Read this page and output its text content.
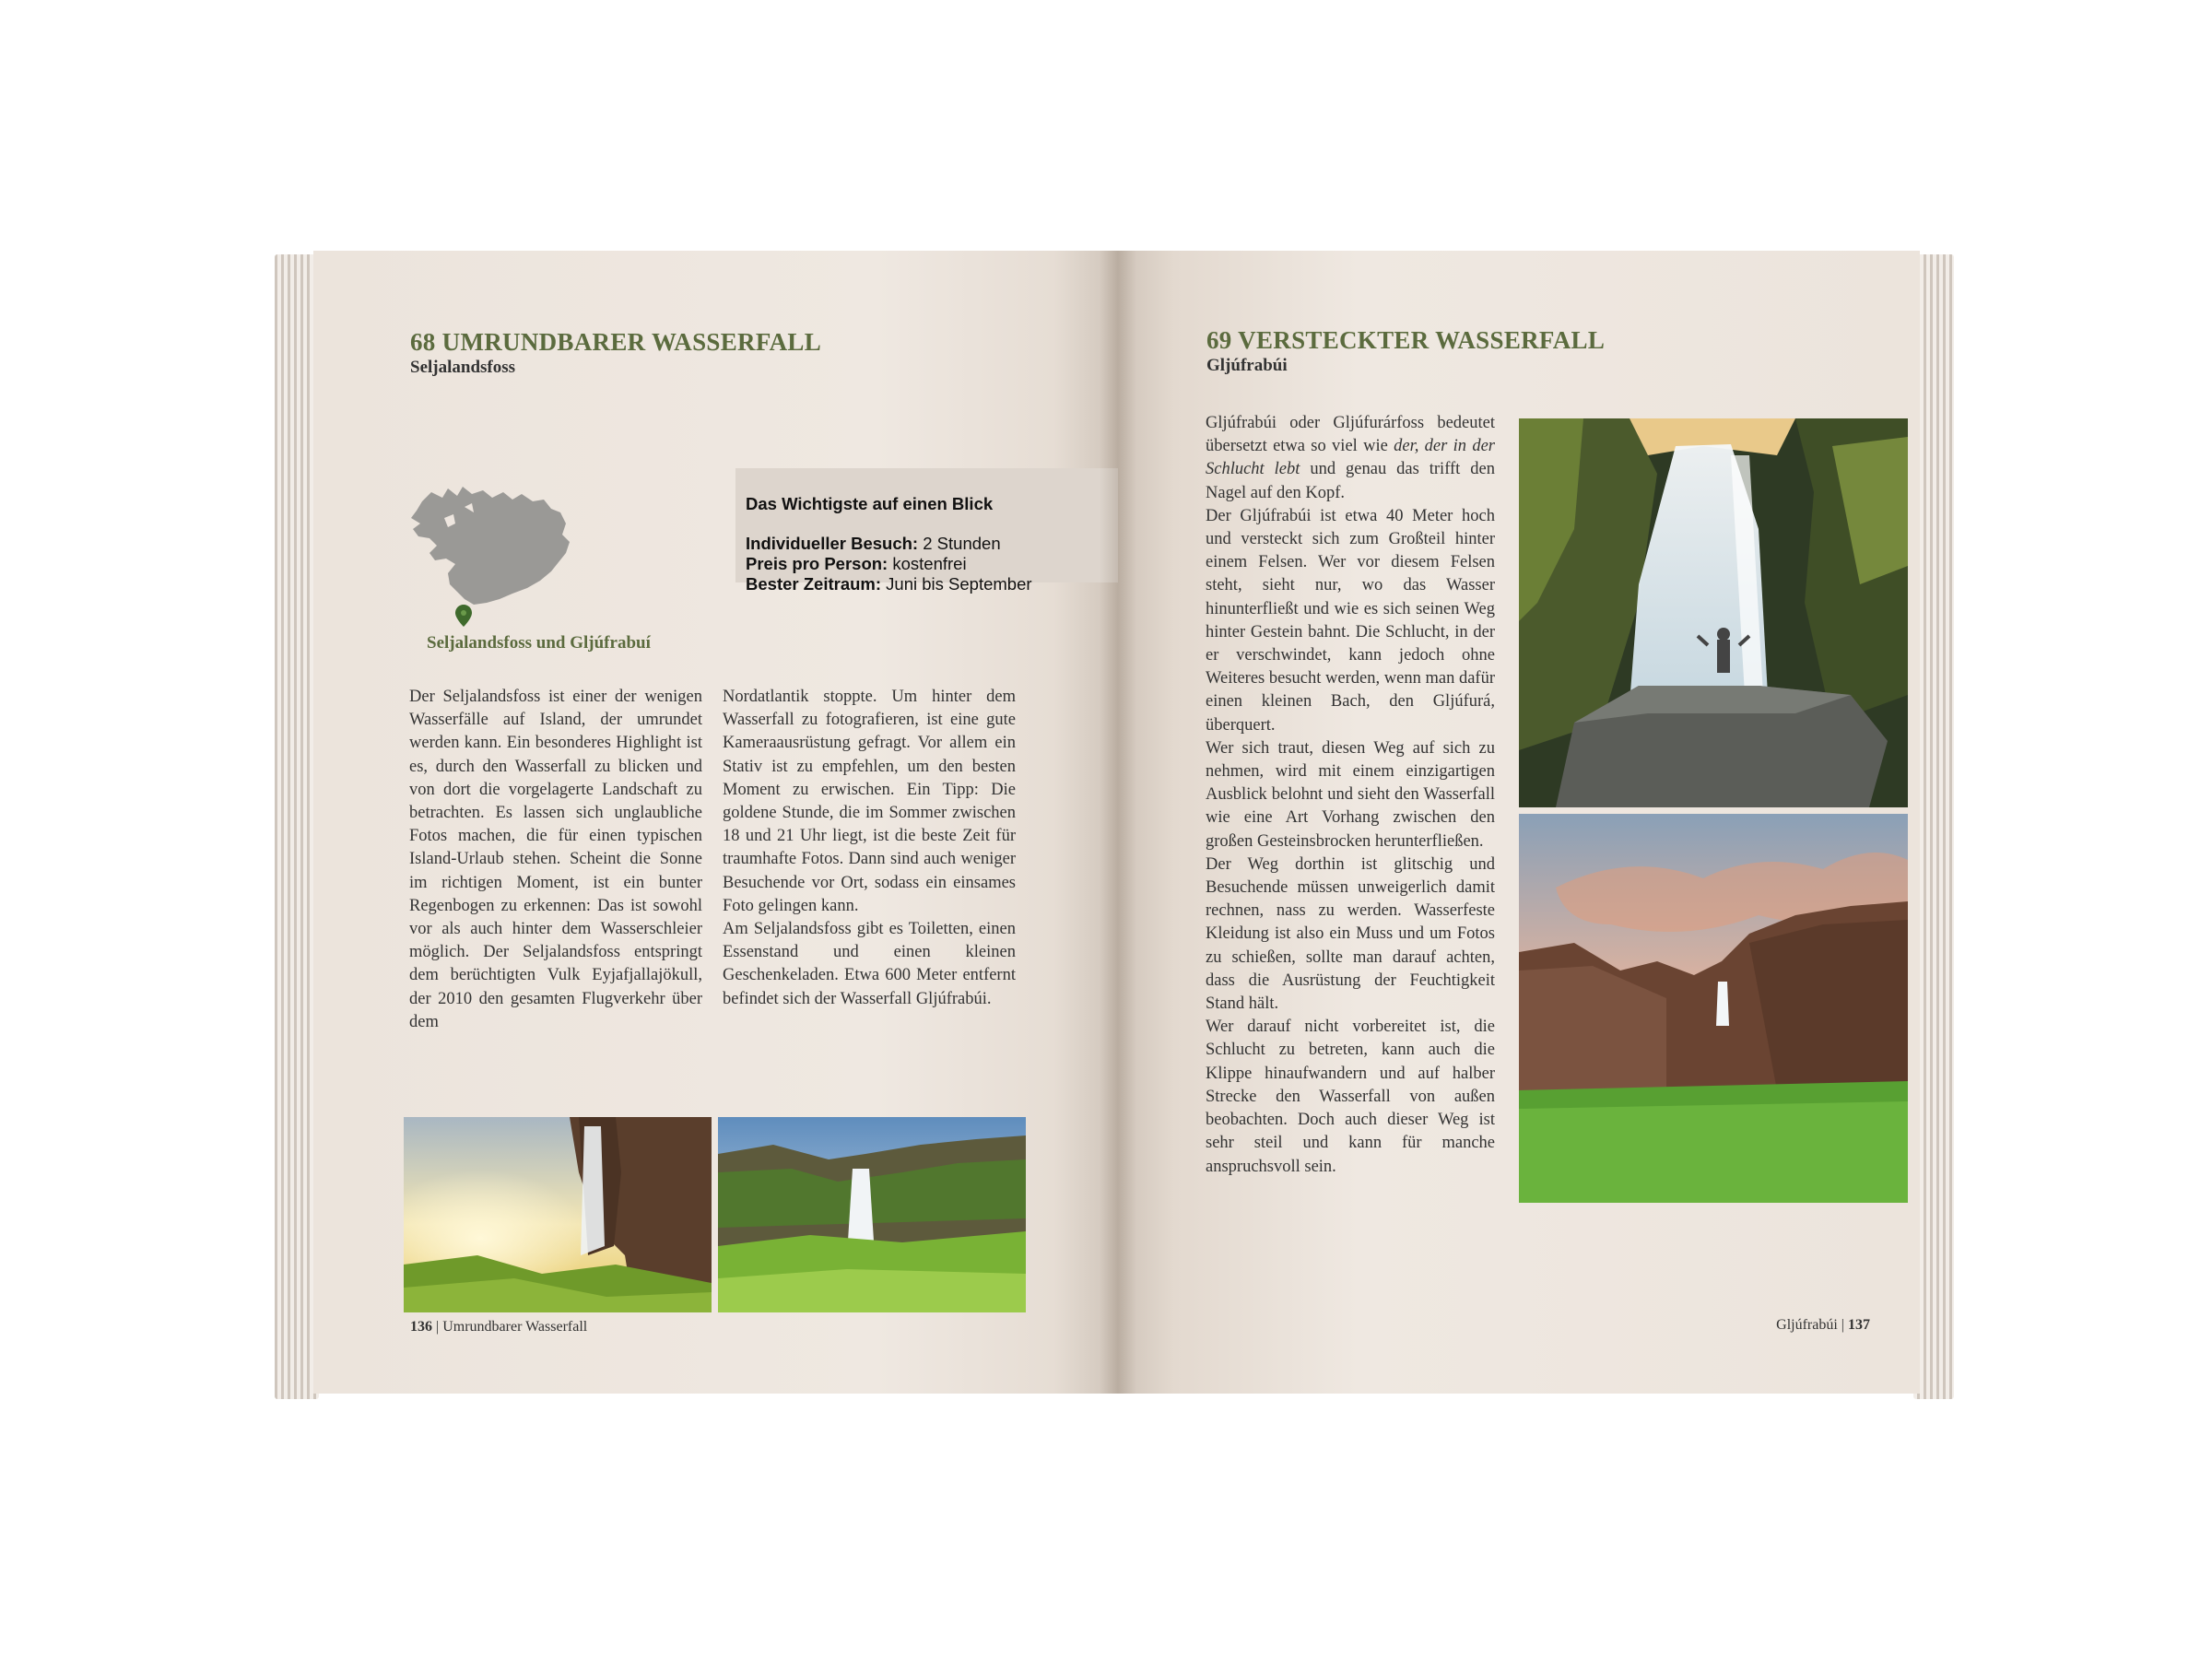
68 UMRUNDBARER WASSERFALL
Seljalandsfoss
Seljalandsfoss und Gljúfrabuí
Das Wichtigste auf einen Blick
Individueller Besuch: 2 Stunden
Preis pro Person: kostenfrei
Bester Zeitraum: Juni bis September

Der Seljalandsfoss ist einer der wenigen Wasserfälle auf Island, der umrundet werden kann. Ein besonderes Highlight ist es, durch den Wasserfall zu blicken und von dort die vorgelagerte Landschaft zu betrachten. Es lassen sich unglaubliche Fotos machen, die für einen typischen Island-Urlaub stehen. Scheint die Sonne im richtigen Moment, ist ein bunter Regenbogen zu erkennen: Das ist sowohl vor als auch hinter dem Wasserschleier möglich. Der Seljalandsfoss entspringt dem berüchtigten Vulk Eyjafjallajökull, der 2010 den gesamten Flugverkehr über dem

Nordatlantik stoppte. Um hinter dem Wasserfall zu fotografieren, ist eine gute Kameraausrüstung gefragt. Vor allem ein Stativ ist zu empfehlen, um den besten Moment zu erwischen. Ein Tipp: Die goldene Stunde, die im Sommer zwischen 18 und 21 Uhr liegt, ist die beste Zeit für traumhafte Fotos. Dann sind auch weniger Besuchende vor Ort, sodass ein einsames Foto gelingen kann.

Am Seljalandsfoss gibt es Toiletten, einen Essenstand und einen kleinen Geschenkeladen. Etwa 600 Meter entfernt befindet sich der Wasserfall Gljúfrabúi.

136 | Umrundbarer Wasserfall
69 VERSTECKTER WASSERFALL
Gljúfrabúi

Gljúfrabúi oder Gljúfurárfoss bedeutet übersetzt etwa so viel wie der, der in der Schlucht lebt und genau das trifft den Nagel auf den Kopf.

Der Gljúfrabúi ist etwa 40 Meter hoch und versteckt sich zum Großteil hinter einem Felsen. Wer vor diesem Felsen steht, sieht nur, wo das Wasser hinunterfließt und wie es sich seinen Weg hinter Gestein bahnt. Die Schlucht, in der er verschwindet, kann jedoch ohne Weiteres besucht werden, wenn man dafür einen kleinen Bach, den Gljúfurá, überquert.

Wer sich traut, diesen Weg auf sich zu nehmen, wird mit einem einzigartigen Ausblick belohnt und sieht den Wasserfall wie eine Art Vorhang zwischen den großen Gesteinsbrocken herunterfließen.

Der Weg dorthin ist glitschig und Besuchende müssen unweigerlich damit rechnen, nass zu werden. Wasserfeste Kleidung ist also ein Muss und um Fotos zu schießen, sollte man darauf achten, dass die Ausrüstung der Feuchtigkeit Stand hält.

Wer darauf nicht vorbereitet ist, die Schlucht zu betreten, kann auch die Klippe hinaufwandern und auf halber Strecke den Wasserfall von außen beobachten. Doch auch dieser Weg ist sehr steil und kann für manche anspruchsvoll sein.

Gljúfrabúi | 137
